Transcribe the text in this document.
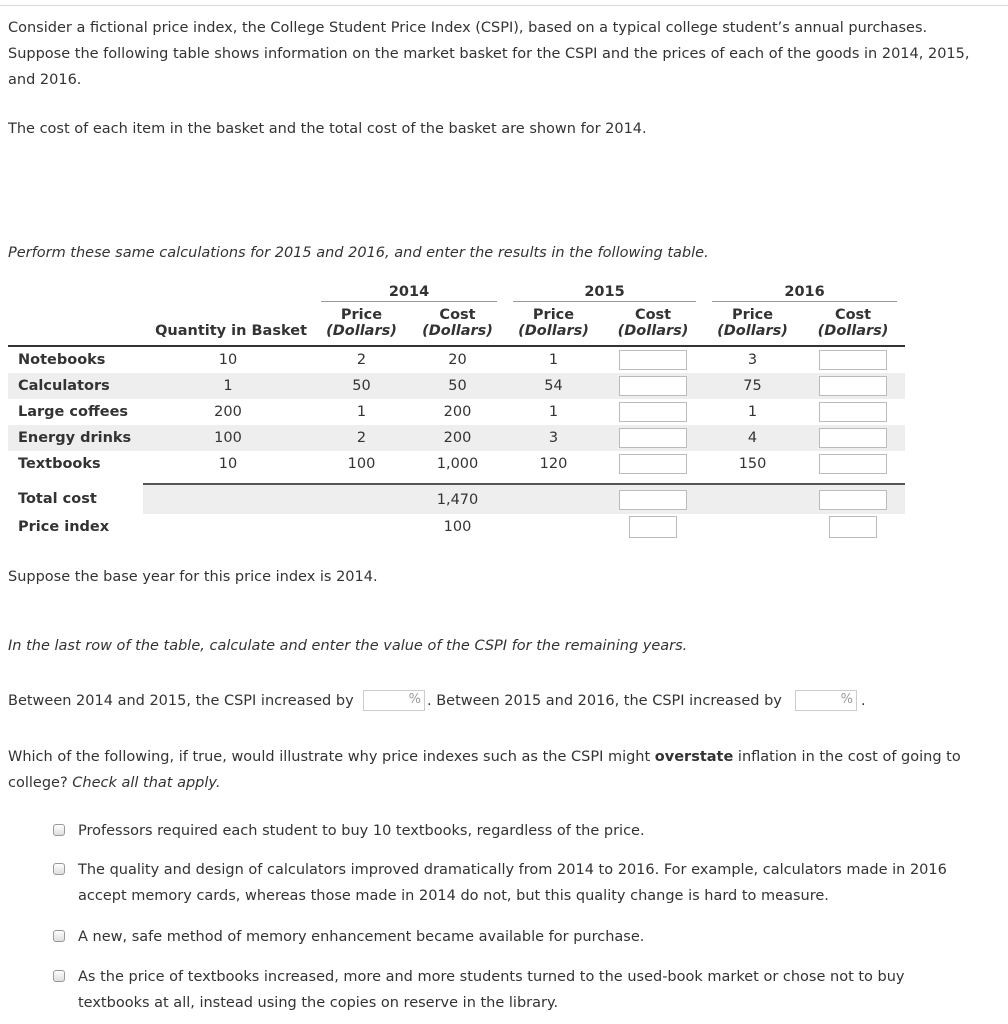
Consider a fictional price index, the College Student Price Index (CSPI), based on a typical college student’s annual purchases. Suppose the following table shows information on the market basket for the CSPI and the prices of each of the goods in 2014, 2015, and 2016.

The cost of each item in the basket and the total cost of the basket are shown for 2014.

Perform these same calculations for 2015 and 2016, and enter the results in the following table.

		2014		2015		2016	

		Price	Cost	Price	Cost	Price	Cost
	Quantity in Basket	(Dollars)	(Dollars)	(Dollars)	(Dollars)	(Dollars)	(Dollars)
Notebooks	10	2	20	1		3	
Calculators	1	50	50	54		75	
Large coffees	200	1	200	1		1	
Energy drinks	100	2	200	3		4	
Textbooks	10	100	1,000	120		150	

Total cost			1,470				
Price index			100				

Suppose the base year for this price index is 2014.

In the last row of the table, calculate and enter the value of the CSPI for the remaining years.

Between 2014 and 2015, the CSPI increased by	% . Between 2015 and 2016, the CSPI increased by	% .

Which of the following, if true, would illustrate why price indexes such as the CSPI might overstate inflation in the cost of going to college? Check all that apply.

Professors required each student to buy 10 textbooks, regardless of the price.
The quality and design of calculators improved dramatically from 2014 to 2016. For example, calculators made in 2016 accept memory cards, whereas those made in 2014 do not, but this quality change is hard to measure.
A new, safe method of memory enhancement became available for purchase.
As the price of textbooks increased, more and more students turned to the used-book market or chose not to buy textbooks at all, instead using the copies on reserve in the library.
